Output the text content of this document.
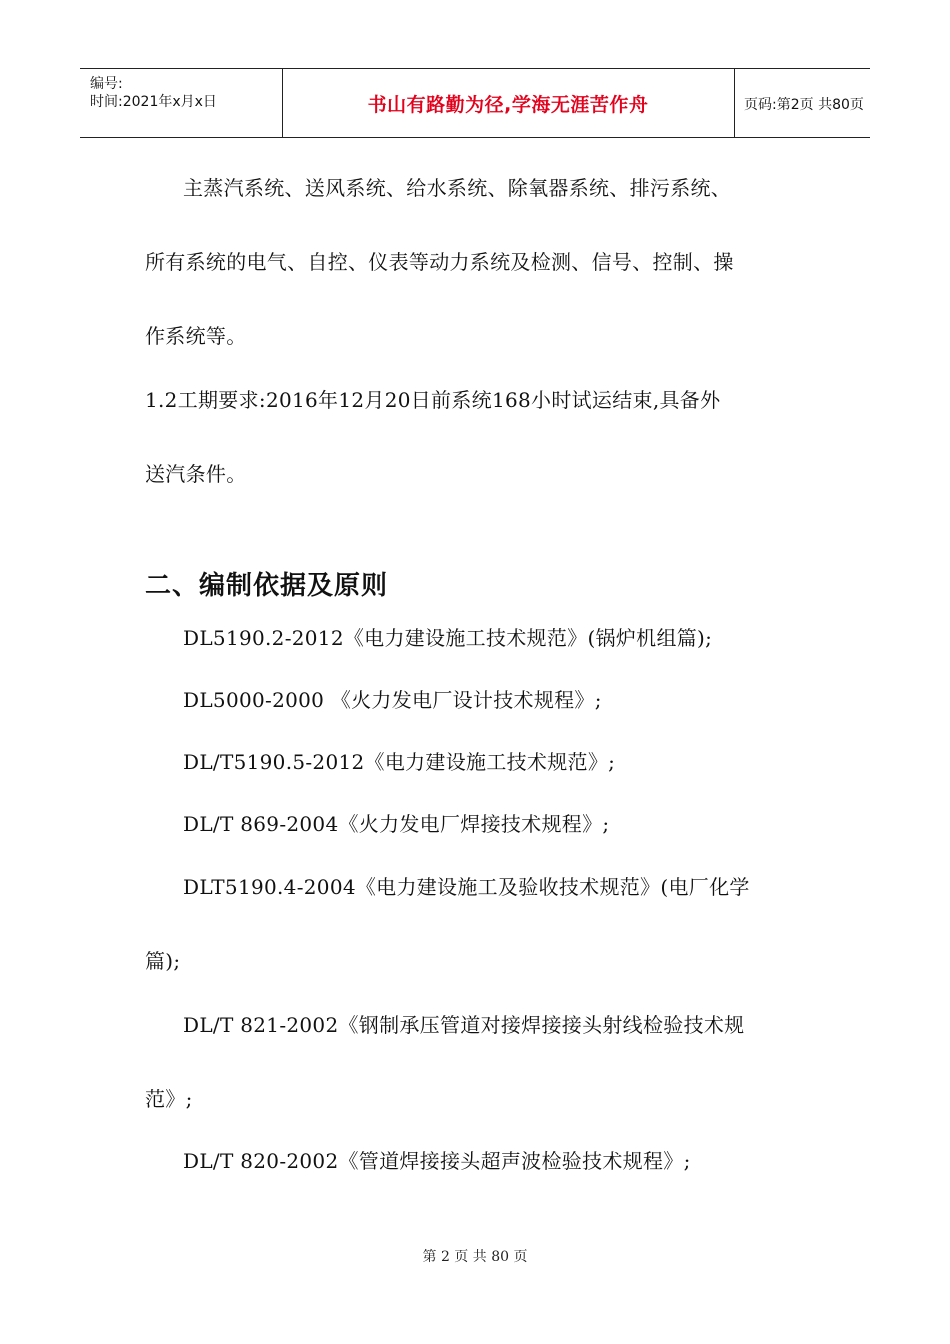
编号:
时间:2021年x月x日	书山有路勤为径,学海无涯苦作舟	页码:第2页 共80页
主蒸汽系统、送风系统、给水系统、除氧器系统、排污系统、
所有系统的电气、自控、仪表等动力系统及检测、信号、控制、操
作系统等。
1.2工期要求:2016年12月20日前系统168小时试运结束,具备外
送汽条件。
二、编制依据及原则
DL5190.2-2012《电力建设施工技术规范》(锅炉机组篇);
DL5000-2000 《火力发电厂设计技术规程》;
DL/T5190.5-2012《电力建设施工技术规范》;
DL/T 869-2004《火力发电厂焊接技术规程》;
DLT5190.4-2004《电力建设施工及验收技术规范》(电厂化学
篇);
DL/T 821-2002《钢制承压管道对接焊接接头射线检验技术规
范》;
DL/T 820-2002《管道焊接接头超声波检验技术规程》;
第 2 页 共 80 页
